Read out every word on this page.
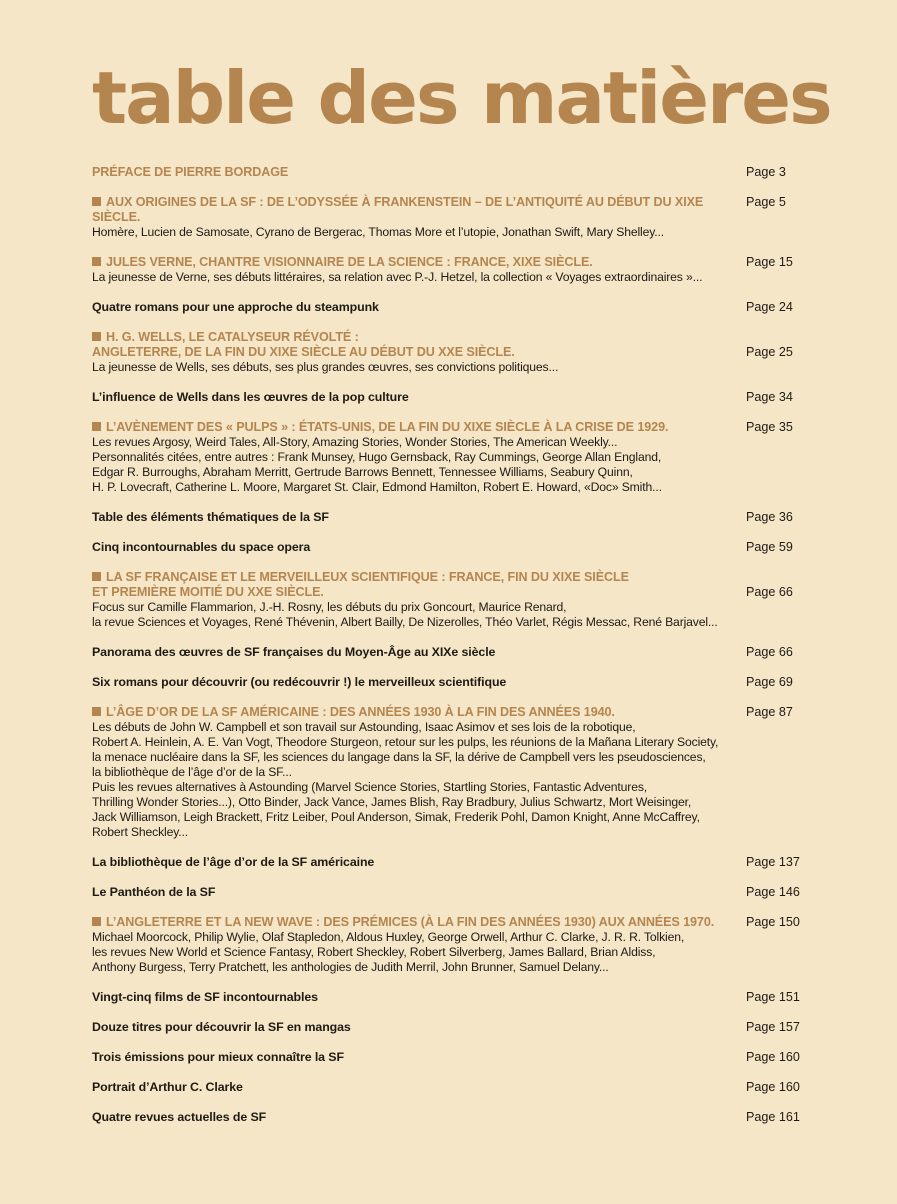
table des matières
PRÉFACE DE PIERRE BORDAGE	Page 3
AUX ORIGINES DE LA SF : DE L’ODYSSÉE À FRANKENSTEIN – DE L’ANTIQUITÉ AU DÉBUT DU XIXE SIÈCLE.
Homère, Lucien de Samosate, Cyrano de Bergerac, Thomas More et l’utopie, Jonathan Swift, Mary Shelley...
Page 5
JULES VERNE, CHANTRE VISIONNAIRE DE LA SCIENCE : FRANCE, XIXE SIÈCLE.
La jeunesse de Verne, ses débuts littéraires, sa relation avec P.-J. Hetzel, la collection « Voyages extraordinaires »...
Page 15
Quatre romans pour une approche du steampunk	Page 24
H. G. WELLS, LE CATALYSEUR RÉVOLTÉ :
ANGLETERRE, DE LA FIN DU XIXE SIÈCLE AU DÉBUT DU XXE SIÈCLE.
La jeunesse de Wells, ses débuts, ses plus grandes œuvres, ses convictions politiques...
Page 25
L’influence de Wells dans les œuvres de la pop culture	Page 34
L’AVÈNEMENT DES « PULPS » : ÉTATS-UNIS, DE LA FIN DU XIXE SIÈCLE À LA CRISE DE 1929.
Les revues Argosy, Weird Tales, All-Story, Amazing Stories, Wonder Stories, The American Weekly...
Personnalités citées, entre autres : Frank Munsey, Hugo Gernsback, Ray Cummings, George Allan England,
Edgar R. Burroughs, Abraham Merritt, Gertrude Barrows Bennett, Tennessee Williams, Seabury Quinn,
H. P. Lovecraft, Catherine L. Moore, Margaret St. Clair, Edmond Hamilton, Robert E. Howard, «Doc» Smith...
Page 35
Table des éléments thématiques de la SF	Page 36
Cinq incontournables du space opera	Page 59
LA SF FRANÇAISE ET LE MERVEILLEUX SCIENTIFIQUE : FRANCE, FIN DU XIXE SIÈCLE
ET PREMIÈRE MOITIÉ DU XXE SIÈCLE.
Focus sur Camille Flammarion, J.-H. Rosny, les débuts du prix Goncourt, Maurice Renard,
la revue Sciences et Voyages, René Thévenin, Albert Bailly, De Nizerolles, Théo Varlet, Régis Messac, René Barjavel...
Page 66
Panorama des œuvres de SF françaises du Moyen-Âge au XIXe siècle	Page 66
Six romans pour découvrir (ou redécouvrir !) le merveilleux scientifique	Page 69
L’ÂGE D’OR DE LA SF AMÉRICAINE : DES ANNÉES 1930 À LA FIN DES ANNÉES 1940.
Les débuts de John W. Campbell et son travail sur Astounding, Isaac Asimov et ses lois de la robotique,
Robert A. Heinlein, A. E. Van Vogt, Theodore Sturgeon, retour sur les pulps, les réunions de la Mañana Literary Society,
la menace nucléaire dans la SF, les sciences du langage dans la SF, la dérive de Campbell vers les pseudosciences,
la bibliothèque de l’âge d’or de la SF...
Puis les revues alternatives à Astounding (Marvel Science Stories, Startling Stories, Fantastic Adventures,
Thrilling Wonder Stories...), Otto Binder, Jack Vance, James Blish, Ray Bradbury, Julius Schwartz, Mort Weisinger,
Jack Williamson, Leigh Brackett, Fritz Leiber, Poul Anderson, Simak, Frederik Pohl, Damon Knight, Anne McCaffrey,
Robert Sheckley...
Page 87
La bibliothèque de l’âge d’or de la SF américaine	Page 137
Le Panthéon de la SF	Page 146
L’ANGLETERRE ET LA NEW WAVE : DES PRÉMICES (À LA FIN DES ANNÉES 1930) AUX ANNÉES 1970.
Michael Moorcock, Philip Wylie, Olaf Stapledon, Aldous Huxley, George Orwell, Arthur C. Clarke, J. R. R. Tolkien,
les revues New World et Science Fantasy, Robert Sheckley, Robert Silverberg, James Ballard, Brian Aldiss,
Anthony Burgess, Terry Pratchett, les anthologies de Judith Merril, John Brunner, Samuel Delany...
Page 150
Vingt-cinq films de SF incontournables	Page 151
Douze titres pour découvrir la SF en mangas	Page 157
Trois émissions pour mieux connaître la SF	Page 160
Portrait d’Arthur C. Clarke	Page 160
Quatre revues actuelles de SF	Page 161
